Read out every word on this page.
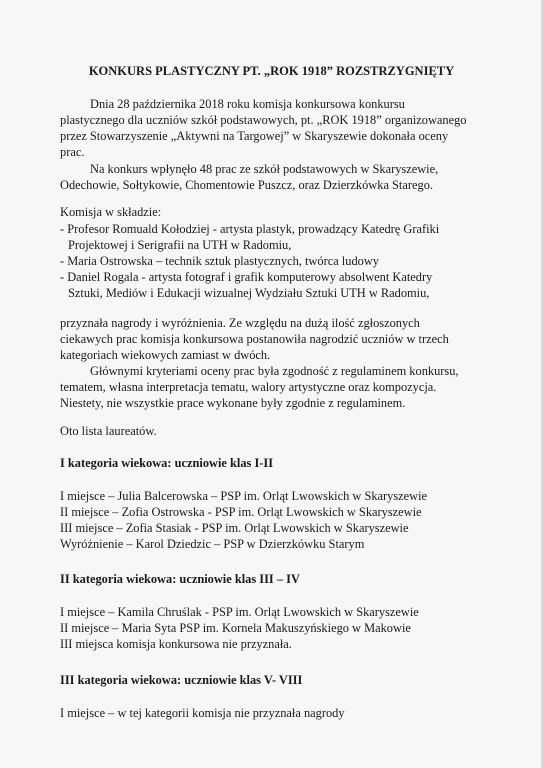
KONKURS PLASTYCZNY PT. „ROK 1918” ROZSTRZYGNIĘTY
Dnia 28 października 2018 roku komisja konkursowa konkursu
plastycznego dla uczniów szkół podstawowych, pt. „ROK 1918” organizowanego
przez Stowarzyszenie „Aktywni na Targowej” w Skaryszewie dokonała oceny
prac.
Na konkurs wpłynęło 48 prac ze szkół podstawowych w Skaryszewie,
Odechowie, Sołtykowie, Chomentowie Puszcz, oraz Dzierzkówka Starego.
Komisja w składzie:
- Profesor Romuald Kołodziej - artysta plastyk, prowadzący Katedrę Grafiki
Projektowej i Serigrafii na UTH w Radomiu,
- Maria Ostrowska – technik sztuk plastycznych, twórca ludowy
- Daniel Rogala - artysta fotograf i grafik komputerowy absolwent Katedry
Sztuki, Mediów i Edukacji wizualnej Wydziału Sztuki UTH w Radomiu,
przyznała nagrody i wyróżnienia. Ze względu na dużą ilość zgłoszonych
ciekawych prac komisja konkursowa postanowiła nagrodzić uczniów w trzech
kategoriach wiekowych zamiast w dwóch.
Głównymi kryteriami oceny prac była zgodność z regulaminem konkursu,
tematem, własna interpretacja tematu, walory artystyczne oraz kompozycja.
Niestety, nie wszystkie prace wykonane były zgodnie z regulaminem.
Oto lista laureatów.
I kategoria wiekowa: uczniowie klas I-II
I miejsce – Julia Balcerowska – PSP im. Orląt Lwowskich w Skaryszewie
II miejsce – Zofia Ostrowska - PSP im. Orląt Lwowskich w Skaryszewie
III miejsce – Zofia Stasiak - PSP im. Orląt Lwowskich w Skaryszewie
Wyróżnienie – Karol Dziedzic – PSP w Dzierzkówku Starym
II kategoria wiekowa: uczniowie klas III – IV
I miejsce – Kamila Chruślak - PSP im. Orląt Lwowskich w Skaryszewie
II miejsce – Maria Syta PSP im. Kornela Makuszyńskiego w Makowie
III miejsca komisja konkursowa nie przyznała.
III kategoria wiekowa: uczniowie klas V- VIII
I miejsce – w tej kategorii komisja nie przyznała nagrody
